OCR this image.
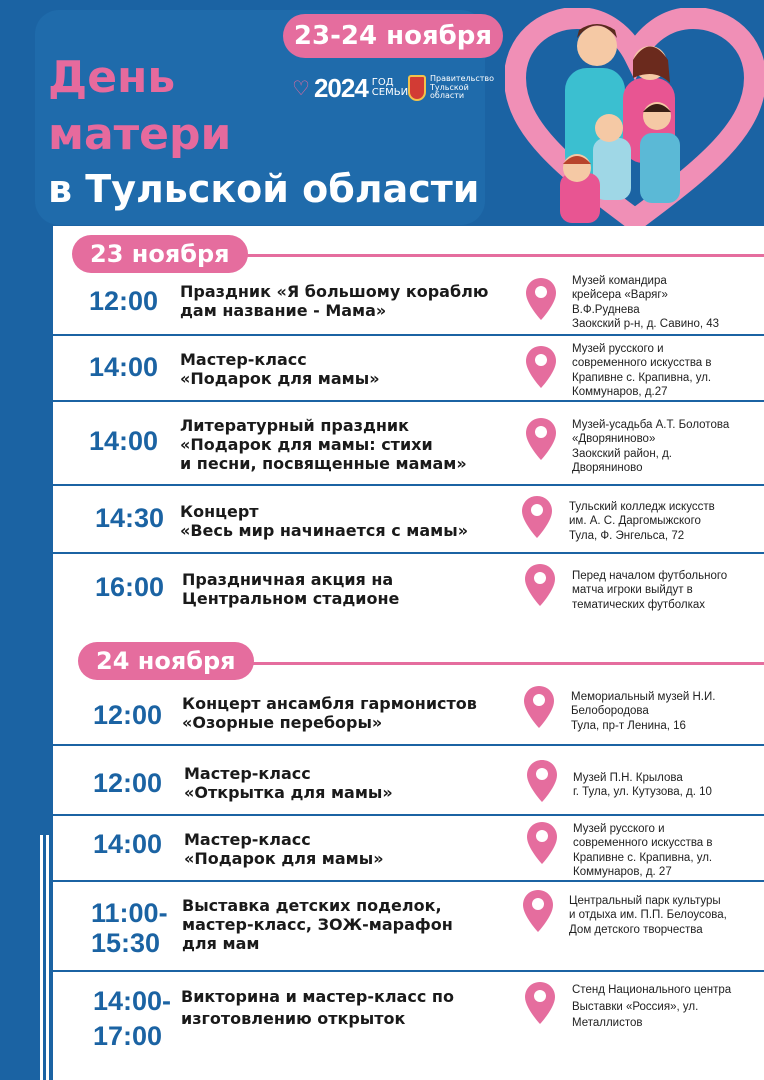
День
матери
в Тульской области
23-24 ноября
♡ 2024 ГОД СЕМЬИ
Правительство Тульской области
23 ноября
24 ноября
12:00 Праздник «Я большому кораблю
дам название - Мама»
Музей командира
крейсера «Варяг»
В.Ф.Руднева
Заокский р-н, д. Савино, 43
14:00 Мастер-класс
«Подарок для мамы»
Музей русского и
современного искусства в
Крапивне с. Крапивна, ул.
Коммунаров, д.27
14:00
Литературный праздник
«Подарок для мамы: стихи
и песни, посвященные мамам»
Музей-усадьба А.Т. Болотова
«Дворяниново»
Заокский район, д.
Дворяниново
14:30 Концерт
«Весь мир начинается с мамы»
Тульский колледж искусств
им. А. С. Даргомыжского
Тула, Ф. Энгельса, 72
16:00 Праздничная акция на
Центральном стадионе
Перед началом футбольного
матча игроки выйдут в
тематических футболках
12:00 Концерт ансамбля гармонистов
«Озорные переборы»
Мемориальный музей Н.И.
Белобородова
Тула, пр-т Ленина, 16
12:00 Мастер-класс
«Открытка для мамы»
Музей П.Н. Крылова
г. Тула, ул. Кутузова, д. 10
14:00 Мастер-класс
«Подарок для мамы»
Музей русского и
современного искусства в
Крапивне с. Крапивна, ул.
Коммунаров, д. 27
11:00-
15:30
Выставка детских поделок,
мастер-класс, ЗОЖ-марафон
для мам
Центральный парк культуры
и отдыха им. П.П. Белоусова,
Дом детского творчества
14:00-
17:00
Викторина и мастер-класс по
изготовлению открыток
Стенд Национального центра
Выставки «Россия», ул.
Металлистов
